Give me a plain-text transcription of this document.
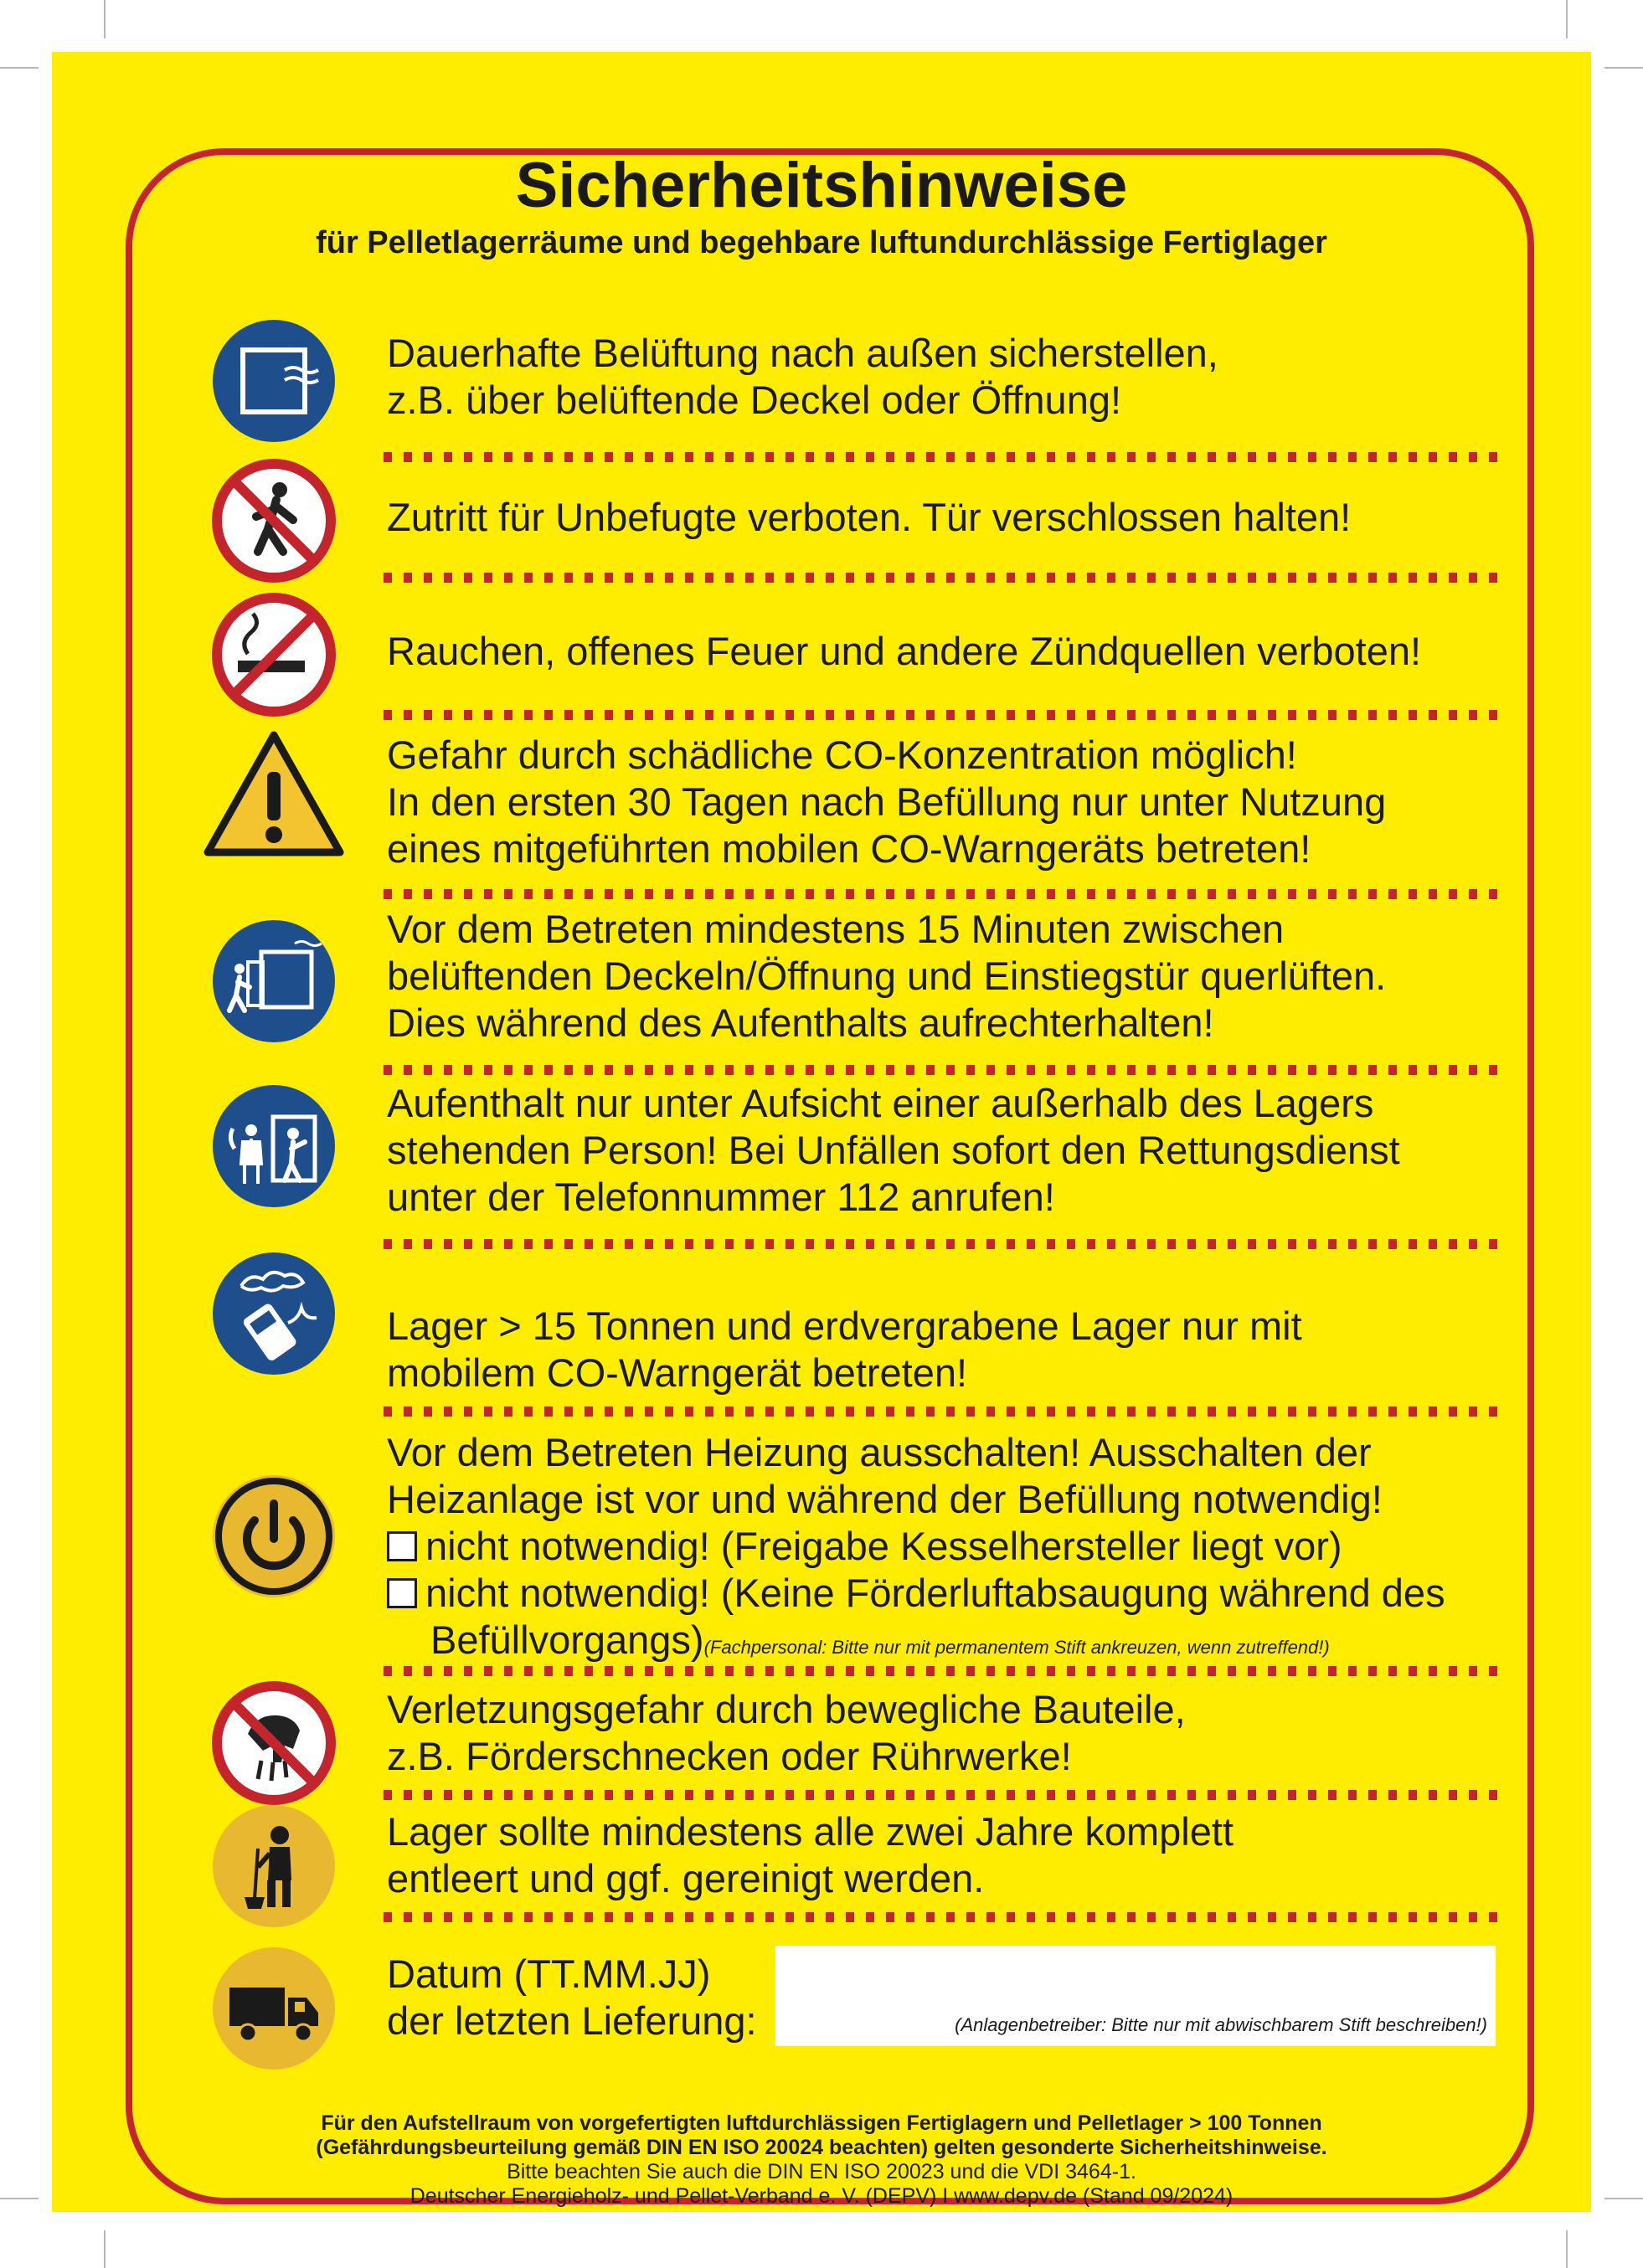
Sicherheitshinweise
für Pelletlagerräume und begehbare luftundurchlässige Fertiglager
Dauerhafte Belüftung nach außen sicherstellen,
z.B. über belüftende Deckel oder Öffnung!
Zutritt für Unbefugte verboten. Tür verschlossen halten!
Rauchen, offenes Feuer und andere Zündquellen verboten!
Gefahr durch schädliche CO-Konzentration möglich!
In den ersten 30 Tagen nach Befüllung nur unter Nutzung
eines mitgeführten mobilen CO-Warngeräts betreten!
Vor dem Betreten mindestens 15 Minuten zwischen
belüftenden Deckeln/Öffnung und Einstiegstür querlüften.
Dies während des Aufenthalts aufrechterhalten!
Aufenthalt nur unter Aufsicht einer außerhalb des Lagers
stehenden Person! Bei Unfällen sofort den Rettungsdienst
unter der Telefonnummer 112 anrufen!
Lager > 15 Tonnen und erdvergrabene Lager nur mit
mobilem CO-Warngerät betreten!
Vor dem Betreten Heizung ausschalten! Ausschalten der
Heizanlage ist vor und während der Befüllung notwendig!
nicht notwendig! (Freigabe Kesselhersteller liegt vor)
nicht notwendig! (Keine Förderluftabsaugung während des
Befüllvorgangs)(Fachpersonal: Bitte nur mit permanentem Stift ankreuzen, wenn zutreffend!)
Verletzungsgefahr durch bewegliche Bauteile,
z.B. Förderschnecken oder Rührwerke!
Lager sollte mindestens alle zwei Jahre komplett
entleert und ggf. gereinigt werden.
Datum (TT.MM.JJ)
der letzten Lieferung:	(Anlagenbetreiber: Bitte nur mit abwischbarem Stift beschreiben!)
Für den Aufstellraum von vorgefertigten luftdurchlässigen Fertiglagern und Pelletlager > 100 Tonnen
(Gefährdungsbeurteilung gemäß DIN EN ISO 20024 beachten) gelten gesonderte Sicherheitshinweise.
Bitte beachten Sie auch die DIN EN ISO 20023 und die VDI 3464-1.
Deutscher Energieholz- und Pellet-Verband e. V. (DEPV) I www.depv.de (Stand 09/2024)
